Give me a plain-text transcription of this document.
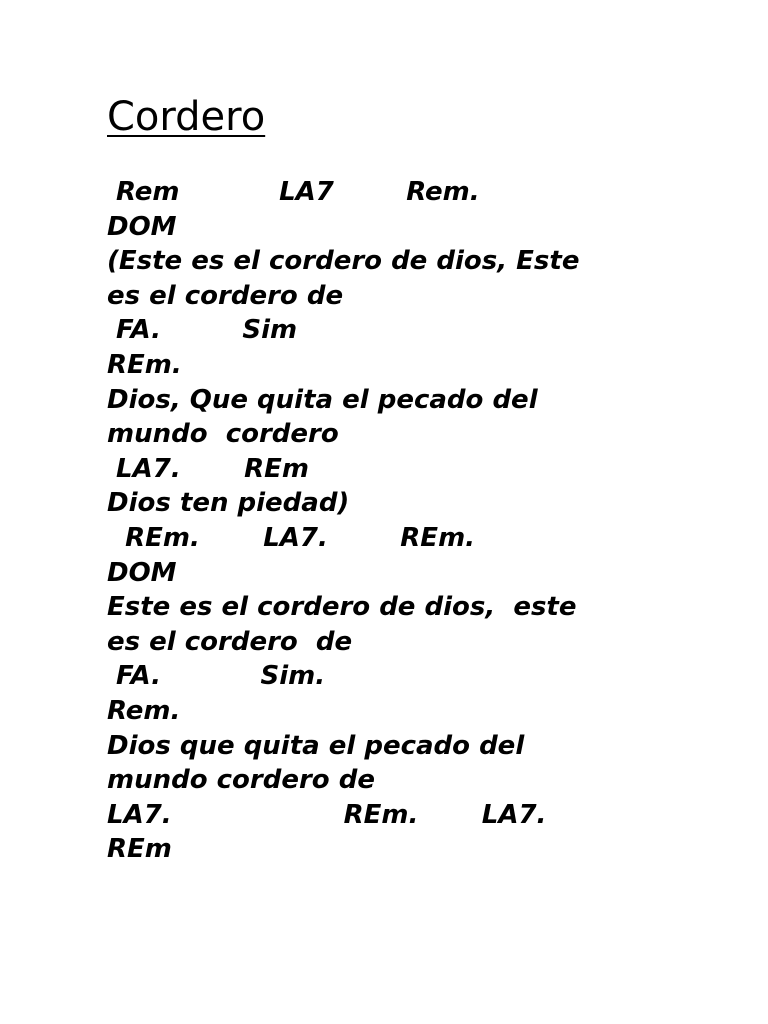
Cordero
Rem           LA7        Rem.
DOM
(Este es el cordero de dios, Este
es el cordero de
FA.         Sim
REm.
Dios, Que quita el pecado del
mundo  cordero
LA7.       REm
Dios ten piedad)
REm.       LA7.        REm.
DOM
Este es el cordero de dios,  este
es el cordero  de
FA.           Sim.
Rem.
Dios que quita el pecado del
mundo cordero de
LA7.                   REm.       LA7.
REm
